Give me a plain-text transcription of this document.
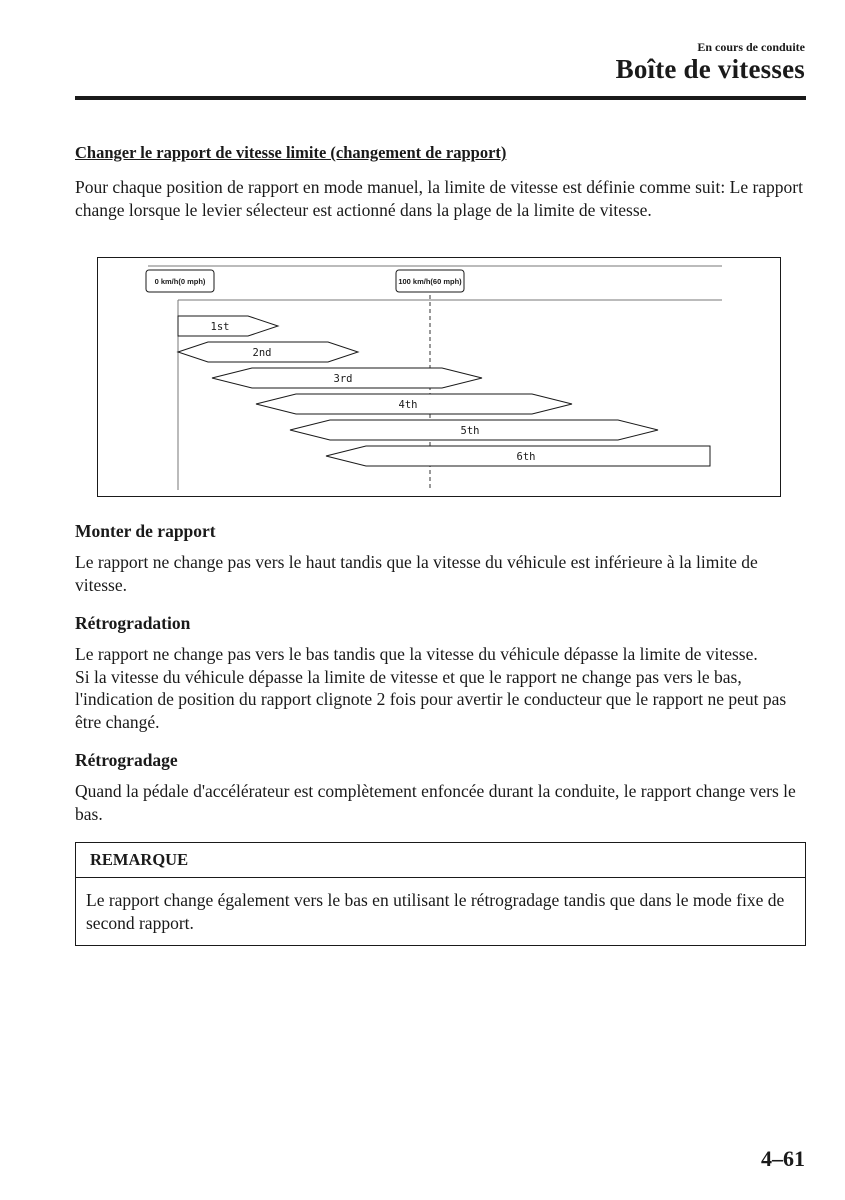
En cours de conduite
Boîte de vitesses
Changer le rapport de vitesse limite (changement de rapport)

Pour chaque position de rapport en mode manuel, la limite de vitesse est définie comme suit: Le rapport change lorsque le levier sélecteur est actionné dans la plage de la limite de vitesse.

0 km/h(0 mph)	100 km/h(60 mph)
1st
2nd
3rd
4th
5th
6th
Monter de rapport

Le rapport ne change pas vers le haut tandis que la vitesse du véhicule est inférieure à la limite de vitesse.

Rétrogradation

Le rapport ne change pas vers le bas tandis que la vitesse du véhicule dépasse la limite de vitesse.

Si la vitesse du véhicule dépasse la limite de vitesse et que le rapport ne change pas vers le bas, l'indication de position du rapport clignote 2 fois pour avertir le conducteur que le rapport ne peut pas être changé.

Rétrogradage

Quand la pédale d'accélérateur est complètement enfoncée durant la conduite, le rapport change vers le bas.

REMARQUE
Le rapport change également vers le bas en utilisant le rétrogradage tandis que dans le mode fixe de second rapport.
4–61
